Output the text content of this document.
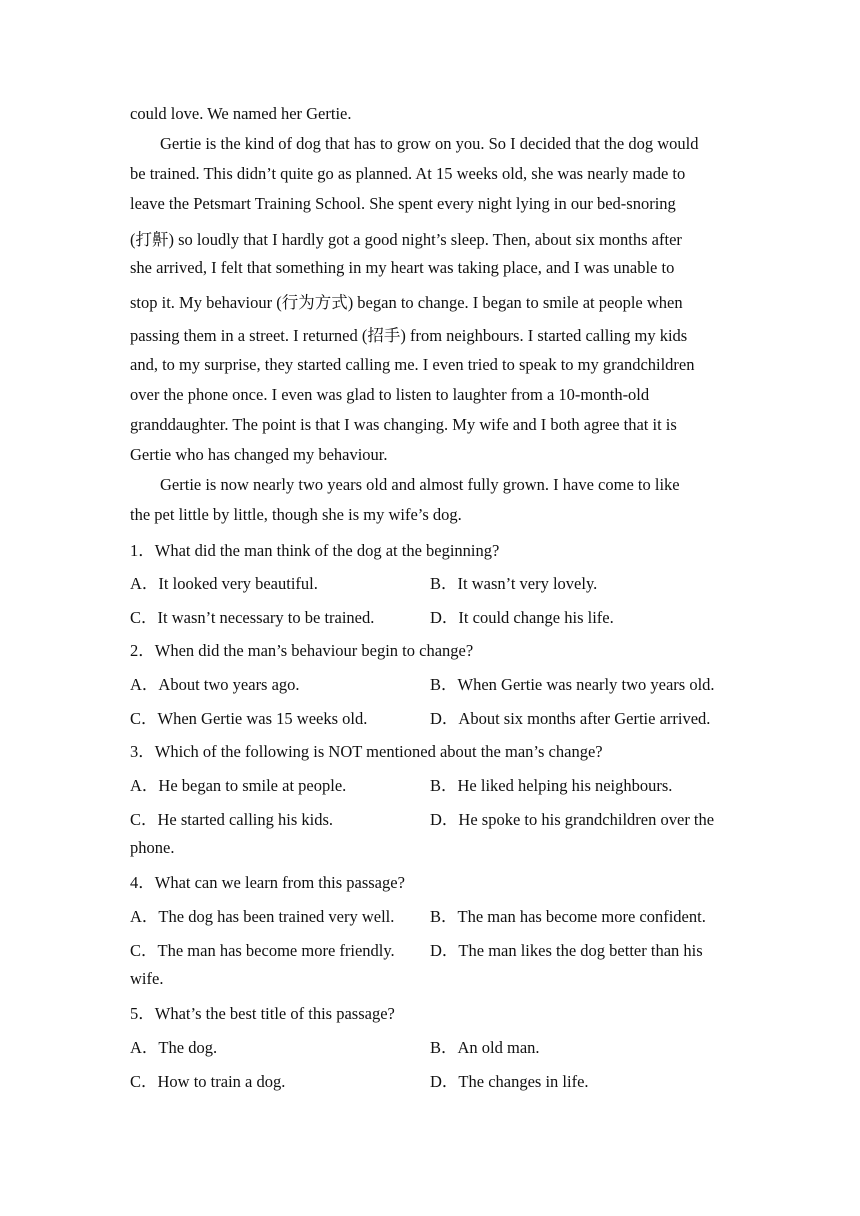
could love. We named her Gertie.
Gertie is the kind of dog that has to grow on you. So I decided that the dog would
be trained. This didn’t quite go as planned. At 15 weeks old, she was nearly made to
leave the Petsmart Training School. She spent every night lying in our bed-snoring
(打鼾) so loudly that I hardly got a good night’s sleep. Then, about six months after
she arrived, I felt that something in my heart was taking place, and I was unable to
stop it. My behaviour (行为方式) began to change. I began to smile at people when
passing them in a street. I returned (招手) from neighbours. I started calling my kids
and, to my surprise, they started calling me. I even tried to speak to my grandchildren
over the phone once. I even was glad to listen to laughter from a 10-month-old
granddaughter. The point is that I was changing. My wife and I both agree that it is
Gertie who has changed my behaviour.
Gertie is now nearly two years old and almost fully grown. I have come to like
the pet little by little, though she is my wife’s dog.
1．What did the man think of the dog at the beginning?
A．It looked very beautiful.	B．It wasn’t very lovely.
C．It wasn’t necessary to be trained.	D．It could change his life.
2．When did the man’s behaviour begin to change?
A．About two years ago.	B．When Gertie was nearly two years old.
C．When Gertie was 15 weeks old.	D．About six months after Gertie arrived.
3．Which of the following is NOT mentioned about the man’s change?
A．He began to smile at people.	B．He liked helping his neighbours.
C．He started calling his kids.	D．He spoke to his grandchildren over the
phone.
4．What can we learn from this passage?
A．The dog has been trained very well. B．The man has become more confident.
C．The man has become more friendly. D．The man likes the dog better than his
wife.
5．What’s the best title of this passage?
A．The dog.	B．An old man.
C．How to train a dog.	D．The changes in life.
